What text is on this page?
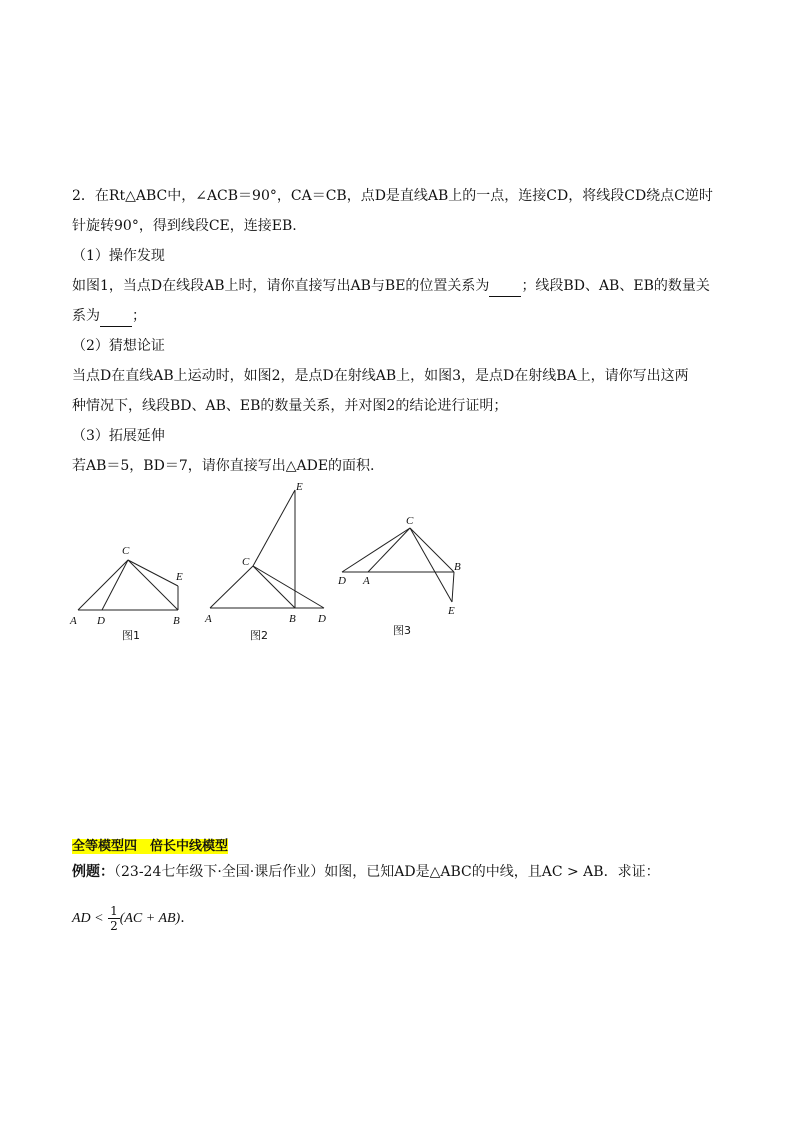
2．在Rt△ABC中，∠ACB＝90°，CA＝CB，点D是直线AB上的一点，连接CD，将线段CD绕点C逆时
针旋转90°，得到线段CE，连接EB.
（1）操作发现
如图1，当点D在线段AB上时，请你直接写出AB与BE的位置关系为 ；线段BD、AB、EB的数量关
系为 ；
（2）猜想论证
当点D在直线AB上运动时，如图2，是点D在射线AB上，如图3，是点D在射线BA上，请你写出这两
种情况下，线段BD、AB、EB的数量关系，并对图2的结论进行证明；
（3）拓展延伸
若AB＝5，BD＝7，请你直接写出△ADE的面积.
C
A D	B
E
图1
E
C
A	B D
图2
C
D A
B
E
图3
全等模型四　倍长中线模型
例题：（23-24七年级下·全国·课后作业）如图，已知AD是△ABC的中线，且AC > AB．求证：
AD < $\frac{1}{2} (AC + AB)$.
